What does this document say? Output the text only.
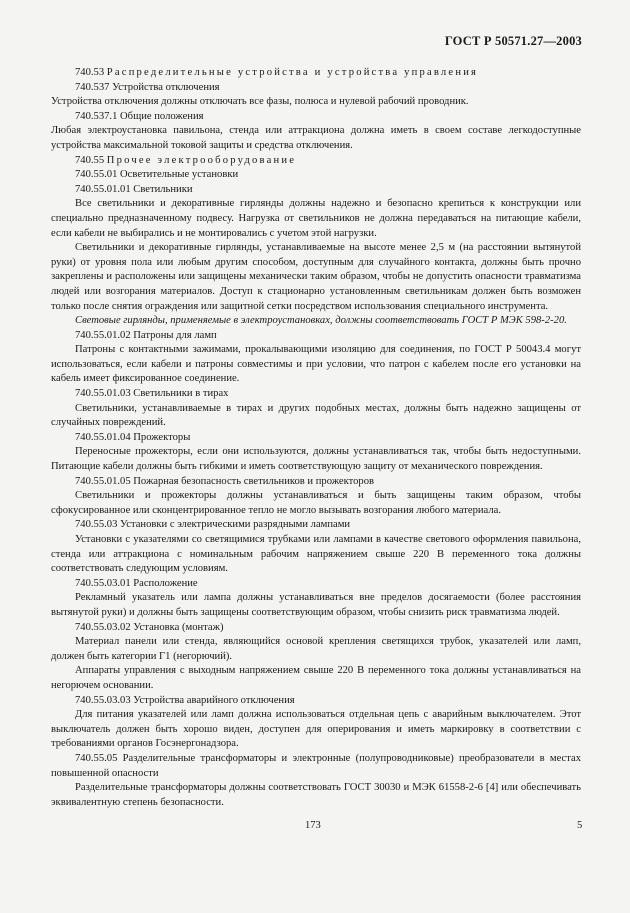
ГОСТ Р 50571.27—2003

740.53 Распределительные устройства и устройства управления

740.537 Устройства отключения

Устройства отключения должны отключать все фазы, полюса и нулевой рабочий проводник.

740.537.1 Общие положения

Любая электроустановка павильона, стенда или аттракциона должна иметь в своем составе легкодоступные устройства максимальной токовой защиты и средства отключения.

740.55 Прочее электрооборудование

740.55.01 Осветительные установки

740.55.01.01 Светильники

Все светильники и декоративные гирлянды должны надежно и безопасно крепиться к конструкции или специально предназначенному подвесу. Нагрузка от светильников не должна передаваться на питающие кабели, если кабели не выбирались и не монтировались с учетом этой нагрузки.

Светильники и декоративные гирлянды, устанавливаемые на высоте менее 2,5 м (на расстоянии вытянутой руки) от уровня пола или любым другим способом, доступным для случайного контакта, должны быть прочно закреплены и расположены или защищены механически таким образом, чтобы не допустить опасности травматизма людей или возгорания материалов. Доступ к стационарно установленным светильникам должен быть возможен только после снятия ограждения или защитной сетки посредством использования специального инструмента.

Световые гирлянды, применяемые в электроустановках, должны соответствовать ГОСТ Р МЭК 598-2-20.

740.55.01.02 Патроны для ламп

Патроны с контактными зажимами, прокалывающими изоляцию для соединения, по ГОСТ Р 50043.4 могут использоваться, если кабели и патроны совместимы и при условии, что патрон с кабелем после его установки на кабель имеет фиксированное соединение.

740.55.01.03 Светильники в тирах

Светильники, устанавливаемые в тирах и других подобных местах, должны быть надежно защищены от случайных повреждений.

740.55.01.04 Прожекторы

Переносные прожекторы, если они используются, должны устанавливаться так, чтобы быть недоступными. Питающие кабели должны быть гибкими и иметь соответствующую защиту от механического повреждения.

740.55.01.05 Пожарная безопасность светильников и прожекторов

Светильники и прожекторы должны устанавливаться и быть защищены таким образом, чтобы сфокусированное или сконцентрированное тепло не могло вызывать возгорания любого материала.

740.55.03 Установки с электрическими разрядными лампами

Установки с указателями со светящимися трубками или лампами в качестве светового оформления павильона, стенда или аттракциона с номинальным рабочим напряжением свыше 220 В переменного тока должны соответствовать следующим условиям.

740.55.03.01 Расположение

Рекламный указатель или лампа должны устанавливаться вне пределов досягаемости (более расстояния вытянутой руки) и должны быть защищены соответствующим образом, чтобы снизить риск травматизма людей.

740.55.03.02 Установка (монтаж)

Материал панели или стенда, являющийся основой крепления светящихся трубок, указателей или ламп, должен быть категории Г1 (негорючий).

Аппараты управления с выходным напряжением свыше 220 В переменного тока должны устанавливаться на негорючем основании.

740.55.03.03 Устройства аварийного отключения

Для питания указателей или ламп должна использоваться отдельная цепь с аварийным выключателем. Этот выключатель должен быть хорошо виден, доступен для оперирования и иметь маркировку в соответствии с требованиями органов Госэнергонадзора.

740.55.05 Разделительные трансформаторы и электронные (полупроводниковые) преобразователи в местах повышенной опасности

Разделительные трансформаторы должны соответствовать ГОСТ 30030 и МЭК 61558-2-6 [4] или обеспечивать эквивалентную степень безопасности.

173	5
